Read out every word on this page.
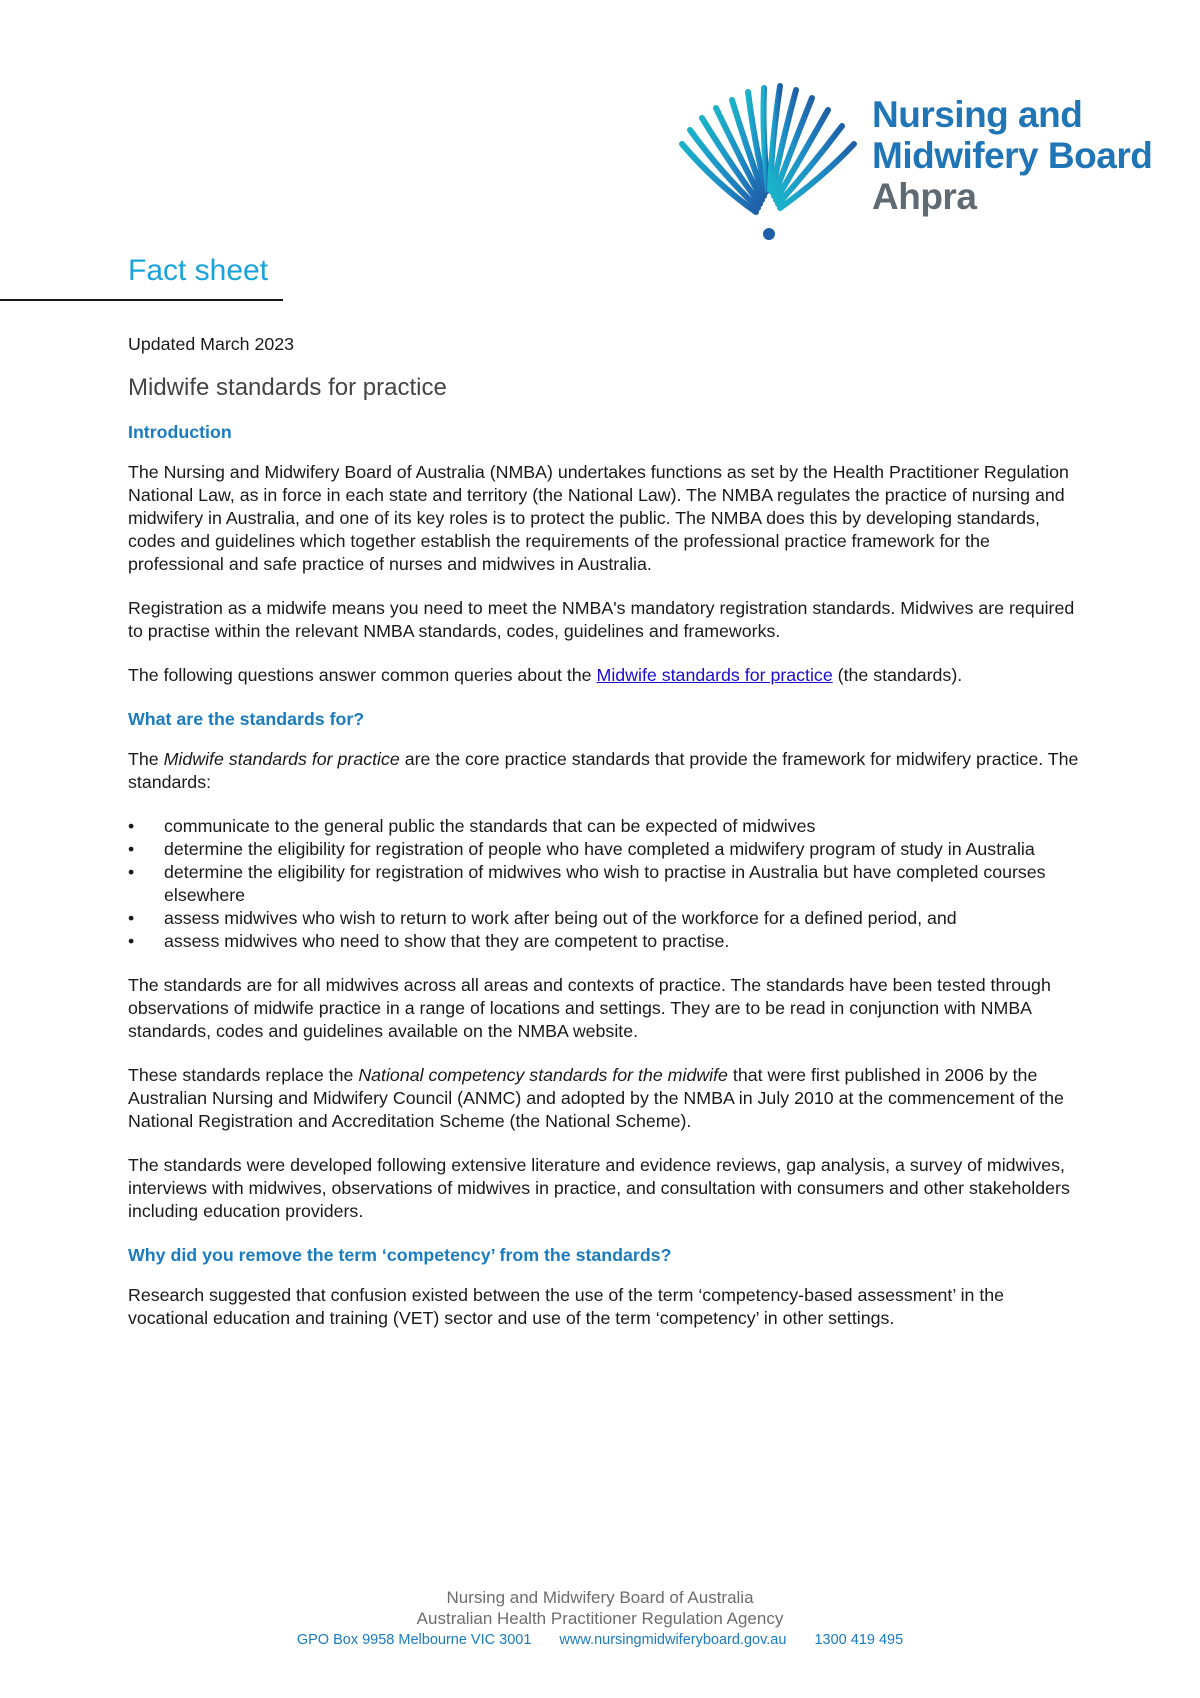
Nursing and
Midwifery Board
Ahpra
Fact sheet

Updated March 2023

Midwife standards for practice

Introduction

The Nursing and Midwifery Board of Australia (NMBA) undertakes functions as set by the Health Practitioner Regulation National Law, as in force in each state and territory (the National Law). The NMBA regulates the practice of nursing and midwifery in Australia, and one of its key roles is to protect the public. The NMBA does this by developing standards, codes and guidelines which together establish the requirements of the professional practice framework for the professional and safe practice of nurses and midwives in Australia.

Registration as a midwife means you need to meet the NMBA's mandatory registration standards. Midwives are required to practise within the relevant NMBA standards, codes, guidelines and frameworks.

The following questions answer common queries about the Midwife standards for practice (the standards).

What are the standards for?

The Midwife standards for practice are the core practice standards that provide the framework for midwifery practice. The standards:

• communicate to the general public the standards that can be expected of midwives
• determine the eligibility for registration of people who have completed a midwifery program of study in Australia
• determine the eligibility for registration of midwives who wish to practise in Australia but have completed courses elsewhere
• assess midwives who wish to return to work after being out of the workforce for a defined period, and
• assess midwives who need to show that they are competent to practise.

The standards are for all midwives across all areas and contexts of practice. The standards have been tested through observations of midwife practice in a range of locations and settings. They are to be read in conjunction with NMBA standards, codes and guidelines available on the NMBA website.

These standards replace the National competency standards for the midwife that were first published in 2006 by the Australian Nursing and Midwifery Council (ANMC) and adopted by the NMBA in July 2010 at the commencement of the National Registration and Accreditation Scheme (the National Scheme).

The standards were developed following extensive literature and evidence reviews, gap analysis, a survey of midwives, interviews with midwives, observations of midwives in practice, and consultation with consumers and other stakeholders including education providers.

Why did you remove the term ‘competency’ from the standards?

Research suggested that confusion existed between the use of the term ‘competency-based assessment’ in the vocational education and training (VET) sector and use of the term ‘competency’ in other settings.

Nursing and Midwifery Board of Australia
Australian Health Practitioner Regulation Agency
GPO Box 9958 Melbourne VIC 3001 www.nursingmidwiferyboard.gov.au 1300 419 495
